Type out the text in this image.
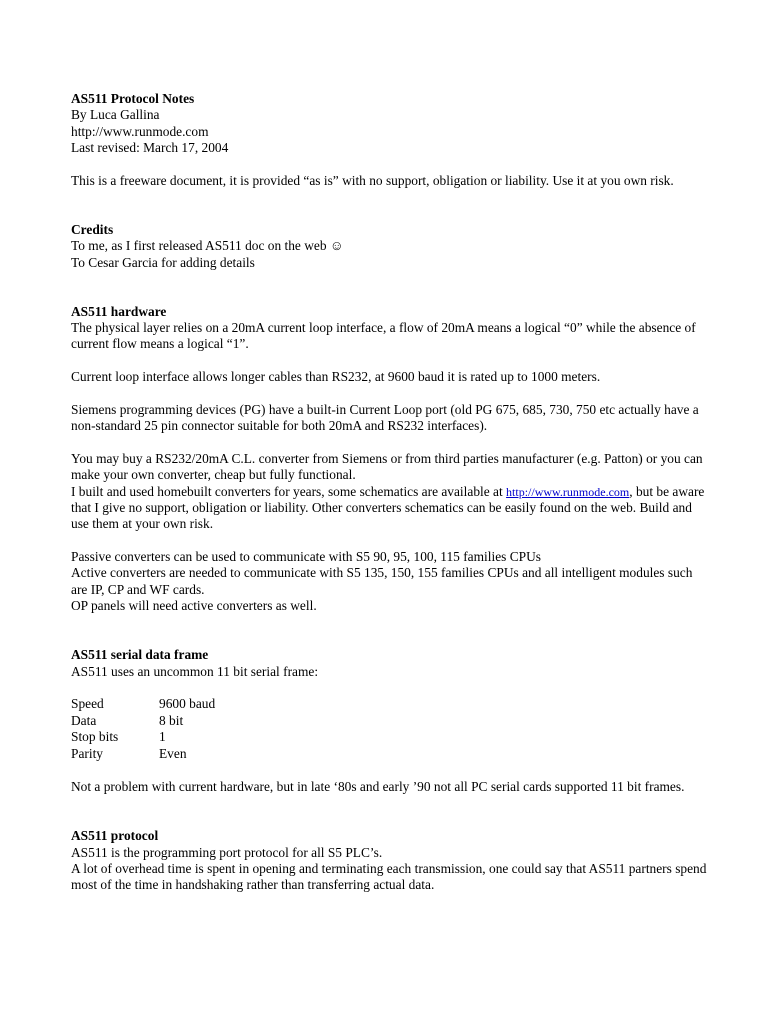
AS511 Protocol Notes

By Luca Gallina

http://www.runmode.com

Last revised: March 17, 2004

This is a freeware document, it is provided “as is” with no support, obligation or liability. Use it at you own risk.

Credits

To me, as I first released AS511 doc on the web ☺

To Cesar Garcia for adding details

AS511 hardware

The physical layer relies on a 20mA current loop interface, a flow of 20mA means a logical “0” while the absence of current flow means a logical “1”.

Current loop interface allows longer cables than RS232, at 9600 baud it is rated up to 1000 meters.

Siemens programming devices (PG) have a built-in Current Loop port (old PG 675, 685, 730, 750 etc actually have a non-standard 25 pin connector suitable for both 20mA and RS232 interfaces).

You may buy a RS232/20mA C.L. converter from Siemens or from third parties manufacturer (e.g. Patton) or you can make your own converter, cheap but fully functional.

I built and used homebuilt converters for years, some schematics are available at http://www.runmode.com, but be aware that I give no support, obligation or liability. Other converters schematics can be easily found on the web. Build and use them at your own risk.

Passive converters can be used to communicate with S5 90, 95, 100, 115 families CPUs

Active converters are needed to communicate with S5 135, 150, 155 families CPUs and all intelligent modules such are IP, CP and WF cards.

OP panels will need active converters as well.

AS511 serial data frame

AS511 uses an uncommon 11 bit serial frame:

Speed	9600 baud
Data	8 bit
Stop bits	1
Parity	Even

Not a problem with current hardware, but in late ‘80s and early ’90 not all PC serial cards supported 11 bit frames.

AS511 protocol

AS511 is the programming port protocol for all S5 PLC’s.

A lot of overhead time is spent in opening and terminating each transmission, one could say that AS511 partners spend most of the time in handshaking rather than transferring actual data.
